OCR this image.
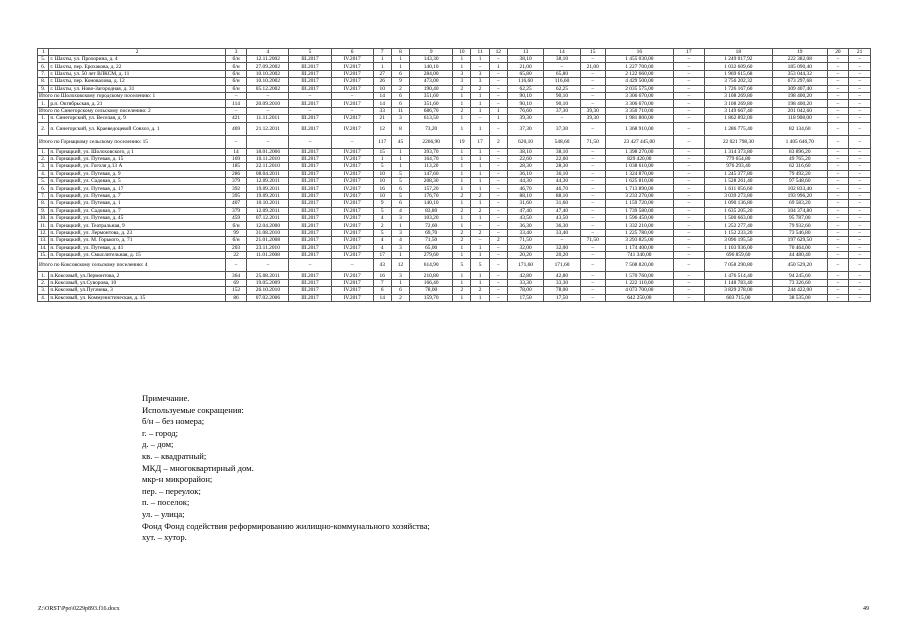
1	2	3	4	5	6	7	8	9	10	11	12	13	14	15	16	17	18	19	20	21
5.	г. Шахты, ул. Прохорина, д. 4	б/н	12.11.2002	III.2017	IV.2017	1	1	143,30	1	1	–	38,10	38,10	–	1 455 030,00	–	1 249 017,92	222 382,08	–	–
6.	г. Шахты, пер. Ерохакова, д. 22	б/н	27.09.2002	III.2017	IV.2017	1	1	140,10	1	–	1	21,00	–	21,00	1 227 700,00	–	1 032 609,60	185 090,40	–	–
7.	г. Шахты, ул. 50 лет ВЛКСМ, д. 11	б/н	10.10.2002	III.2017	IV.2017	27	6	284,00	3	3	–	65,80	65,80	–	2 122 660,00	–	1 969 615,68	353 044,32	–	–
8.	г. Шахты, пер. Коновалова, д. 12	б/н	10.10.2002	III.2017	IV.2017	26	9	473,00	3	3	–	116,60	116,60	–	4 429 500,00	–	3 756 202,32	673 297,68	–	–
9.	г. Шахты, ул. Ново-Загородная, д. 31	б/н	05.12.2002	III.2017	IV.2017	10	2	190,40	2	2	–	62,25	62,25	–	2 035 575,00	–	1 726 167,60	309 407,40	–	–
Итого по Шолоховскому городскому поселению: 1		–	–	–	–	14	6	351,60	1	1	–	90,10	90,10	–	3 306 670,00	–	3 108 269,80	198 400,20	–	–
1.	р.п. Октябрьская, д. 21	114	20.09.2010	III.2017	IV.2017	14	6	351,60	1	1	–	90,10	90,10	–	3 306 670,00	–	3 108 269,80	198 400,20	–	–
Итого по Синегорскому сельскому поселению: 2		–	–	–	–	33	11	686,70	2	1	1	76,60	37,30	39,30	3 350 710,00	–	3 149 667,40	201 042,60	–	–
1.	п. Синегорский, ул. Веселая, д. 9	421	11.11.2011	III.2017	IV.2017	21	3	613,50	1	–	1	39,30	–	39,30	1 981 800,00	–	1 862 892,00	118 908,00	–	–
2.	п. Синегорский, ул. Краеведоцевой Совхоз, д. 1	469	21.12.2011	III.2017	IV.2017	12	8	73,20	1	1	–	37,30	37,30	–	1 368 910,00	–	1 286 775,40	82 134,60	–	–
Итого по Горнацкому сельскому поселению: 15		–	–	–	–	117	45	2266,90	19	17	2	620,10	548,60	71,50	23 427 445,00	–	22 021 798,30	1 405 646,70	–	–
1.	п. Горнацкий, ул. Шолоховского, д 1	14	18.01.2006	III.2017	IV.2017	15	1	393,70	1	1	–	38,10	38,10	–	1 398 270,00	–	1 314 373,80	83 896,20	–	–
2.	п. Горнацкий, ул. Путевая, д. 15	169	10.11.2010	III.2017	IV.2017	1	1	164,70	1	1	–	22,60	22,60	–	829 420,00	–	779 654,80	49 765,20	–	–
3.	п. Горнацкий, ул. Гоголя д.13 А	185	22.11.2010	III.2017	IV.2017	5	1	113,20	1	1	–	28,30	28,30	–	1 038 610,00	–	976 293,40	62 316,60	–	–
4.	п. Горнацкий, ул. Путевая, д. 9	286	08.04.2011	III.2017	IV.2017	10	5	147,60	1	1	–	36,10	36,10	–	1 324 870,00	–	1 245 377,80	79 492,20	–	–
5.	п. Горнацкий, ул. Садовая, д. 5	379	12.09.2011	III.2017	IV.2017	10	5	208,30	1	1	–	44,30	44,30	–	1 625 810,00	–	1 528 261,40	97 548,60	–	–
6.	п. Горнацкий, ул. Путевая, д. 17	392	19.09.2011	III.2017	IV.2017	16	6	157,20	1	1	–	46,70	46,70	–	1 713 890,00	–	1 611 056,60	102 833,40	–	–
7.	п. Горнацкий, ул. Путевая, д. 7	395	19.09.2011	III.2017	IV.2017	10	5	176,70	2	2	–	88,10	88,10	–	3 233 270,00	–	3 039 273,80	193 996,20	–	–
8.	п. Горнацкий, ул. Путевая, д. 1	407	10.10.2011	III.2017	IV.2017	9	6	140,10	1	1	–	31,60	31,60	–	1 159 720,00	–	1 090 136,80	69 583,20	–	–
9.	п. Горнацкий, ул. Садовая, д. 7	379	12.09.2011	III.2017	IV.2017	5	4	83,80	2	2	–	47,40	47,40	–	1 739 580,00	–	1 635 205,20	104 374,80	–	–
10.	п. Горнацкий, ул. Путевая, д. 45	459	07.12.2011	III.2017	IV.2017	4	3	103,20	1	1	–	43,50	43,50	–	1 596 450,00	–	1 500 663,00	95 787,00	–	–
11.	п. Горнацкий, ул. Театральная, 9	б/н	12.04.2000	III.2017	IV.2017	2	1	72,60	1	–	–	36,30	36,30	–	1 332 210,00	–	1 252 277,40	79 932,60	–	–
12.	п. Горнацкий, ул. Лермонтова, д. 23	99	31.08.2010	III.2017	IV.2017	5	3	69,70	2	2	–	33,40	33,40	–	1 225 780,00	–	1 152 233,20	73 546,80	–	–
13.	п. Горнацкий, ул. М. Горького, д. 71	б/н	21.01.2008	III.2017	IV.2017	4	4	71,50	2	–	2	71,50	–	71,50	3 293 825,00	–	3 096 195,50	197 629,50	–	–
14.	п. Горнацкий, ул. Путевая, д. 41	203	23.11.2010	III.2017	IV.2017	4	3	65,00	1	1	–	32,00	32,00	–	1 174 400,00	–	1 103 936,00	70 464,00	–	–
15.	п. Горнацкий, ул. Смыслительная, д. 15	22	11.01.2008	III.2017	IV.2017	17	1	279,60	1	1	–	20,20	20,20	–	741 340,00	–	696 859,60	44 480,40	–	–
Итого по Коксовскому сельскому поселению: 4		–	–	–	–	43	12	614,90	5	5	–	171,60	171,60	–	7 508 820,00	–	7 058 290,80	450 529,20	–	–
1.	п.Коксовый, ул.Лермонтова, 2	364	25.08.2011	III.2017	IV.2017	16	3	210,80	1	1	–	42,80	42,80	–	1 570 760,00	–	1 476 514,40	94 245,60	–	–
2.	п.Коксовый, ул.Суворова, 10	69	19.05.2009	III.2017	IV.2017	7	1	166,40	1	1	–	33,30	33,30	–	1 222 110,00	–	1 148 783,40	73 326,60	–	–
3.	п.Коксовый, ул.Пугачева, 3	152	26.10.2010	III.2017	IV.2017	6	6	78,00	2	2	–	78,00	78,00	–	4 073 700,00	–	3 829 278,00	244 422,00	–	–
4.	п.Коксовый, ул. Коммунистическая, д. 15	86	07.02.2006	III.2017	IV.2017	14	2	159,70	1	1	–	17,50	17,50	–	642 250,00	–	603 715,00	38 535,00	–	–
Примечание.
Используемые сокращения:
б/н – без номера;
г. – город;
д. – дом;
кв. – квадратный;
МКД – многоквартирный дом.
мкр-н микрорайон;
пер. – переулок;
п. – поселок;
ул. – улица;
Фонд Фонд содействия реформированию жилищно-коммунального хозяйства;
хут. – хутор.
Z:\ORST\Ppo\0229p893.f16.docx	49
